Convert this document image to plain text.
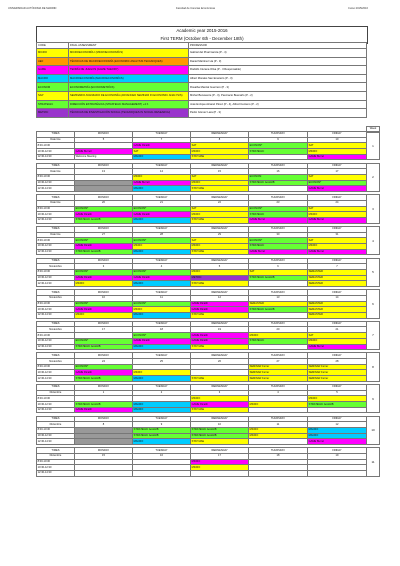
UNIVERSIDAD AUTÓNOMA DE MADRID	Facultad de Ciencias Económicas	Curso 2015/2016
Academic year 2015-2016
First TERM (October 6th - December 18th)
CODE	FINAL ASSESSMENT	PROFESSOR
MICRO	MICROECONOMÍA I (MICROECONOMÍCS)	Gabriel del Pinal Garcia (P - 4)
AEF	TÉCNICAS DE MACROECONOMÍA (ECONOMIC ANALYSIS TECHNIQUES)	Daniel Martínez Lla (P - 3)
GAME	TEORÍA DE JUEGOS (GAME THEORY)	Rodolfo Ciurana Oliva (P - 3 Responsable)
MACRO	MACROECONOMÍA (MACROECONOMÍCS)	Albert Morales San Emeterio (P - 3)
ECONOM	ECONOMETRÍA (ECONOMETRÍCS)	Rosalba Marcial Guerrero (P - 3)
SAP	SEMINARIO AVANZADO DE ECONOMÍA (ADVANCED SEMINAR IN ECONOMIC ANALYSIS)	Michel Benavente (P - 3), Pancracio Buenaño (P - 2)
STRATEGIC	DIRECCIÓN ESTRATÉGICA (STRATEGIC MANAGEMENT) +4 h	José Enrique Alcaraz Pérez (P - 4), Alfred Centeno (P - 2)
METRIC	TÉCNICAS DE INVESTIGACIÓN SOCIAL (TECHNIQUES IN SOCIAL RESEARCH)	Pedro Gómez Lara (P - 3)
Week
TIMES	MONDAY	TUESDAY	WEDNESDAY	THURSDAY	FRIDAY
Date line	5	7	8	9	10
8:00-10:30		GAME Ricaldi	SAT	ECONOM*	SAT
10:30-12:30	GAME Burrell	SAT	MICRO	STRATEGIC	MICRO
12:30-14:30	Welcome Meeting	MACRO	STAT MAE		GAME Burrel
1
TIMES	MONDAY	TUESDAY	WEDNESDAY	THURSDAY	FRIDAY
Date line	13	14	15	16	17
8:00-10:30		MICRO	SAT	ECONOM	SAT
10:30-12:30		GAME Burrell	MICRO	STRATEGIC Aoo/HIB	ECONOM*
12:30-14:30		MACRO	STAT MAE		GAME Burrel
2
TIMES	MONDAY	TUESDAY	WEDNESDAY	THURSDAY	FRIDAY
Date line	20	21	22	23	24
8:00-10:30	ECONOM*	ECONOM*	SAT	ECONOM*	SAT
10:30-12:30	GAME Ricaldi	GAME Ricaldi	MICRO	STRATEGIC	MICRO
12:30-14:30	STRATEGIC Aoo/HIB	MACRO	STAT MAE	GAME Burrel	GAME Burrel
3
TIMES	MONDAY	TUESDAY	WEDNESDAY	THURSDAY	FRIDAY
Date line	27	28	29	30	31
8:00-10:30	ECONOM*	ECONOM*	SAT	ECONOM*	SAT
10:30-12:30	GAME Ricaldi	MICRO	MICRO	STRATEGIC	MICRO
12:30-14:30	STRATEGIC Aoo/HIB	MACRO	STAT MAE	GAME Burrel	GAME Burrel
4
TIMES	MONDAY	TUESDAY	WEDNESDAY	THURSDAY	FRIDAY
Noviembre	3	4	5	6	7
8:00-10:30	ECONOM*	ECONOM*	MICRO	SAT	SEMASTER
10:30-12:30	GAME Ricaldi	GAME Ricaldi	METRIC	STRATEGIC Aoo/HIB	SEMASTER
12:30-14:30	MICRO	MACRO	STAT MAE		SEMASTER
5
TIMES	MONDAY	TUESDAY	WEDNESDAY	THURSDAY	FRIDAY
Noviembre	10	11	12	13	14
8:00-10:30	ECONOM*	ECONOM*	GAME Ricaldi	SEMASTER	SEMASTER
10:30-12:30	GAME Ricaldi	MICRO	GAME Ricaldi	STRATEGIC Aoo/HIB	SEMASTER
12:30-14:30	MICRO	MACRO	STAT MAE		SEMASTER
6
TIMES	MONDAY	TUESDAY	WEDNESDAY	THURSDAY	FRIDAY
Noviembre	17	18	19	20	21
8:00-10:30		ECONOM*	GAME Ricaldi	MICRO	SAT
10:30-12:30	ECONOM*	GAME Ricaldi	GAME Ricaldi	STRATEGIC	MICRO
12:30-14:30	STRATEGIC Aoo/HIB	MACRO	STAT MAE		GAME Burrel
7
TIMES	MONDAY	TUESDAY	WEDNESDAY	THURSDAY	FRIDAY
Noviembre	24	25	26	27	28
8:00-10:30	ECONOM*			SEMINAR Ferrer	SEMINAR Ferrer
10:30-12:30	GAME Ricaldi	MICRO		SEMINAR Ferrer	SEMINAR Ferrer
12:30-14:30	STRATEGIC Aoo/HIB	MACRO	STAT MAE	SEMINAR Ferrer	SEMINAR Ferrer
8
TIMES	MONDAY	TUESDAY	WEDNESDAY	THURSDAY	FRIDAY
Diciembre	1	2	3	4	5
8:00-10:30			MICRO		MICRO
10:30-12:30	STRATEGIC Aoo/HIB	MACRO	GAME Ricaldi	MICRO	STRATEGIC Aoo/HIB
12:30-14:30	GAME Ricaldi	MACRO	STAT MAE		
9
TIMES	MONDAY	TUESDAY	WEDNESDAY	THURSDAY	FRIDAY
Diciembre	8	9	10	11	12
8:00-10:30		STRATEGIC Aoo/HIB	STRATEGIC Aoo/HIB	MICRO	MACRO
10:30-12:30		STRATEGIC Aoo/HIB	STRATEGIC Aoo/HIB	MICRO	MACRO
12:30-14:30		MACRO	STAT MAE		GAME Burrel
10
TIMES	MONDAY	TUESDAY	WEDNESDAY	THURSDAY	FRIDAY
Diciembre	15	16	17	18	19
8:00-10:30			MICRO		
10:30-12:30			MICRO		
12:30-14:30					
11
